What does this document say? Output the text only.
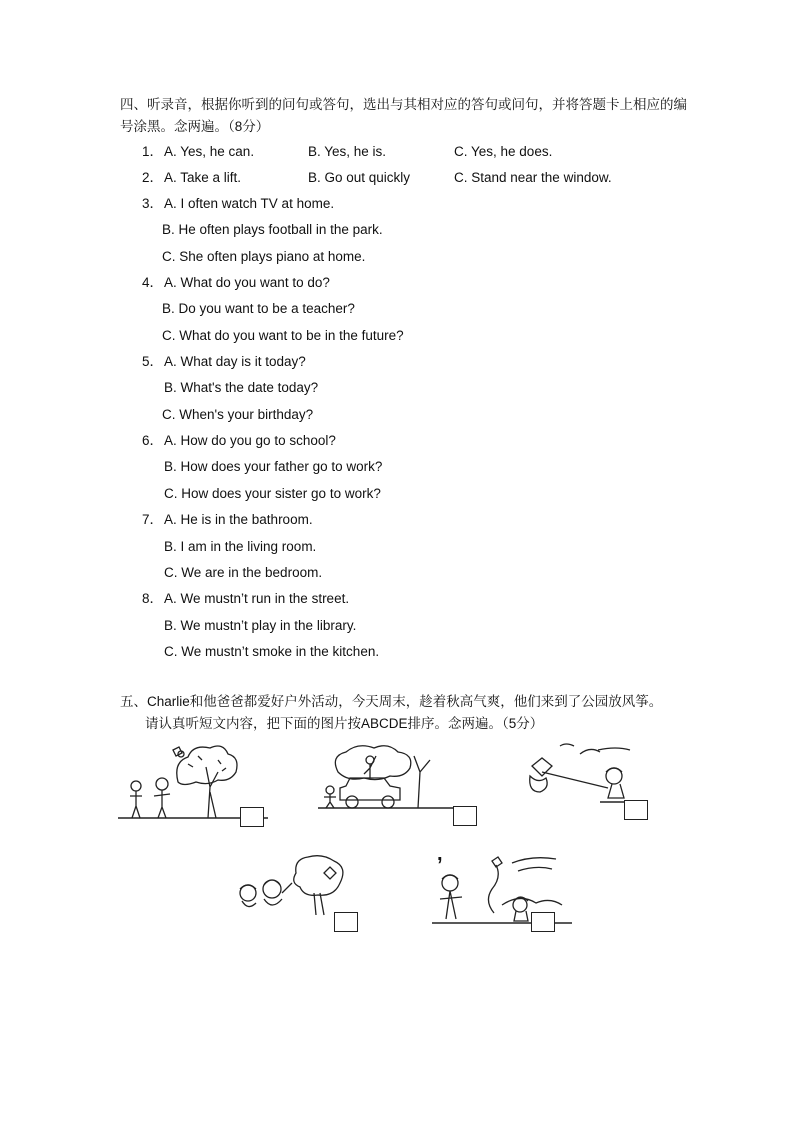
四、听录音，根据你听到的问句或答句，选出与其相对应的答句或问句，并将答题卡上相应的编号涂黑。念两遍。（8分）
1．A. Yes, he can.	B. Yes, he is.	C. Yes, he does.
2．A. Take a lift.	B. Go out quickly	C. Stand near the window.
3．A. I often watch TV at home.
B. He often plays football in the park.
C. She often plays piano at home.
4．A. What do you want to do?
B. Do you want to be a teacher?
C. What do you want to be in the future?
5．A. What day is it today?
B. What's the date today?
C. When's your birthday?
6．A. How do you go to school?
B. How does your father go to work?
C. How does your sister go to work?
7．A. He is in the bathroom.
B. I am in the living room.
C. We are in the bedroom.
8．A. We mustn’t run in the street.
B. We mustn’t play in the library.
C. We mustn’t smoke in the kitchen.
五、Charlie和他爸爸都爱好户外活动，今天周末，趁着秋高气爽，他们来到了公园放风筝。
请认真听短文内容，把下面的图片按ABCDE排序。念两遍。（5分）
,
